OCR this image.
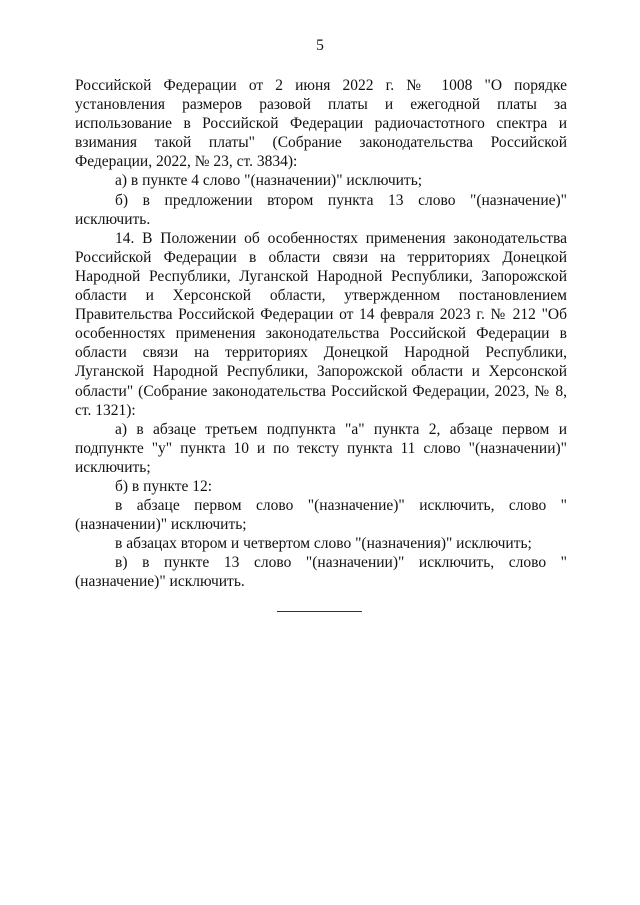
5

Российской Федерации от 2 июня 2022 г. № 1008 "О порядке установления размеров разовой платы и ежегодной платы за использование в Российской Федерации радиочастотного спектра и взимания такой платы" (Собрание законодательства Российской Федерации, 2022, № 23, ст. 3834):

а) в пункте 4 слово "(назначении)" исключить;

б) в предложении втором пункта 13 слово "(назначение)" исключить.

14. В Положении об особенностях применения законодательства Российской Федерации в области связи на территориях Донецкой Народной Республики, Луганской Народной Республики, Запорожской области и Херсонской области, утвержденном постановлением Правительства Российской Федерации от 14 февраля 2023 г. № 212 "Об особенностях применения законодательства Российской Федерации в области связи на территориях Донецкой Народной Республики, Луганской Народной Республики, Запорожской области и Херсонской области" (Собрание законодательства Российской Федерации, 2023, № 8, ст. 1321):

а) в абзаце третьем подпункта "а" пункта 2, абзаце первом и подпункте "у" пункта 10 и по тексту пункта 11 слово "(назначении)" исключить;

б) в пункте 12:

в абзаце первом слово "(назначение)" исключить, слово "(назначении)" исключить;

в абзацах втором и четвертом слово "(назначения)" исключить;

в) в пункте 13 слово "(назначении)" исключить, слово "(назначение)" исключить.
